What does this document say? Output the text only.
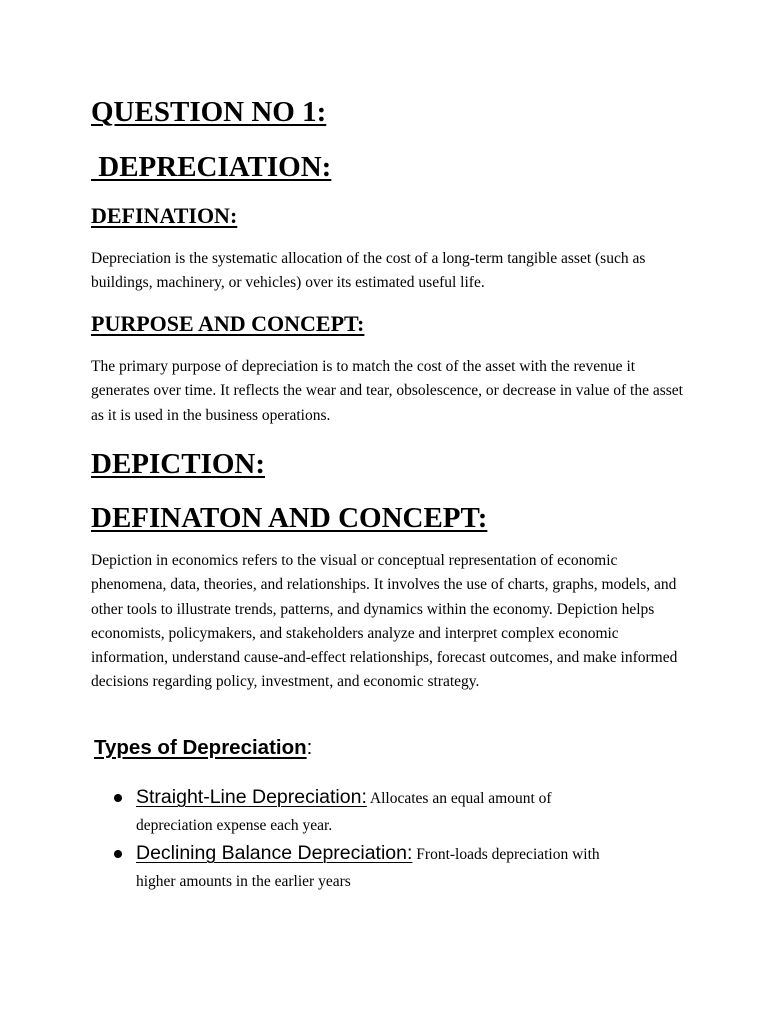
QUESTION NO 1:
DEPRECIATION:
DEFINATION:

Depreciation is the systematic allocation of the cost of a long-term tangible asset (such as buildings, machinery, or vehicles) over its estimated useful life.

PURPOSE AND CONCEPT:

The primary purpose of depreciation is to match the cost of the asset with the revenue it generates over time. It reflects the wear and tear, obsolescence, or decrease in value of the asset as it is used in the business operations.

DEPICTION:
DEFINATON AND CONCEPT:

Depiction in economics refers to the visual or conceptual representation of economic phenomena, data, theories, and relationships. It involves the use of charts, graphs, models, and other tools to illustrate trends, patterns, and dynamics within the economy. Depiction helps economists, policymakers, and stakeholders analyze and interpret complex economic information, understand cause-and-effect relationships, forecast outcomes, and make informed decisions regarding policy, investment, and economic strategy.

Types of Depreciation:
Straight-Line Depreciation: Allocates an equal amount of
depreciation expense each year.
Declining Balance Depreciation: Front-loads depreciation with
higher amounts in the earlier years
